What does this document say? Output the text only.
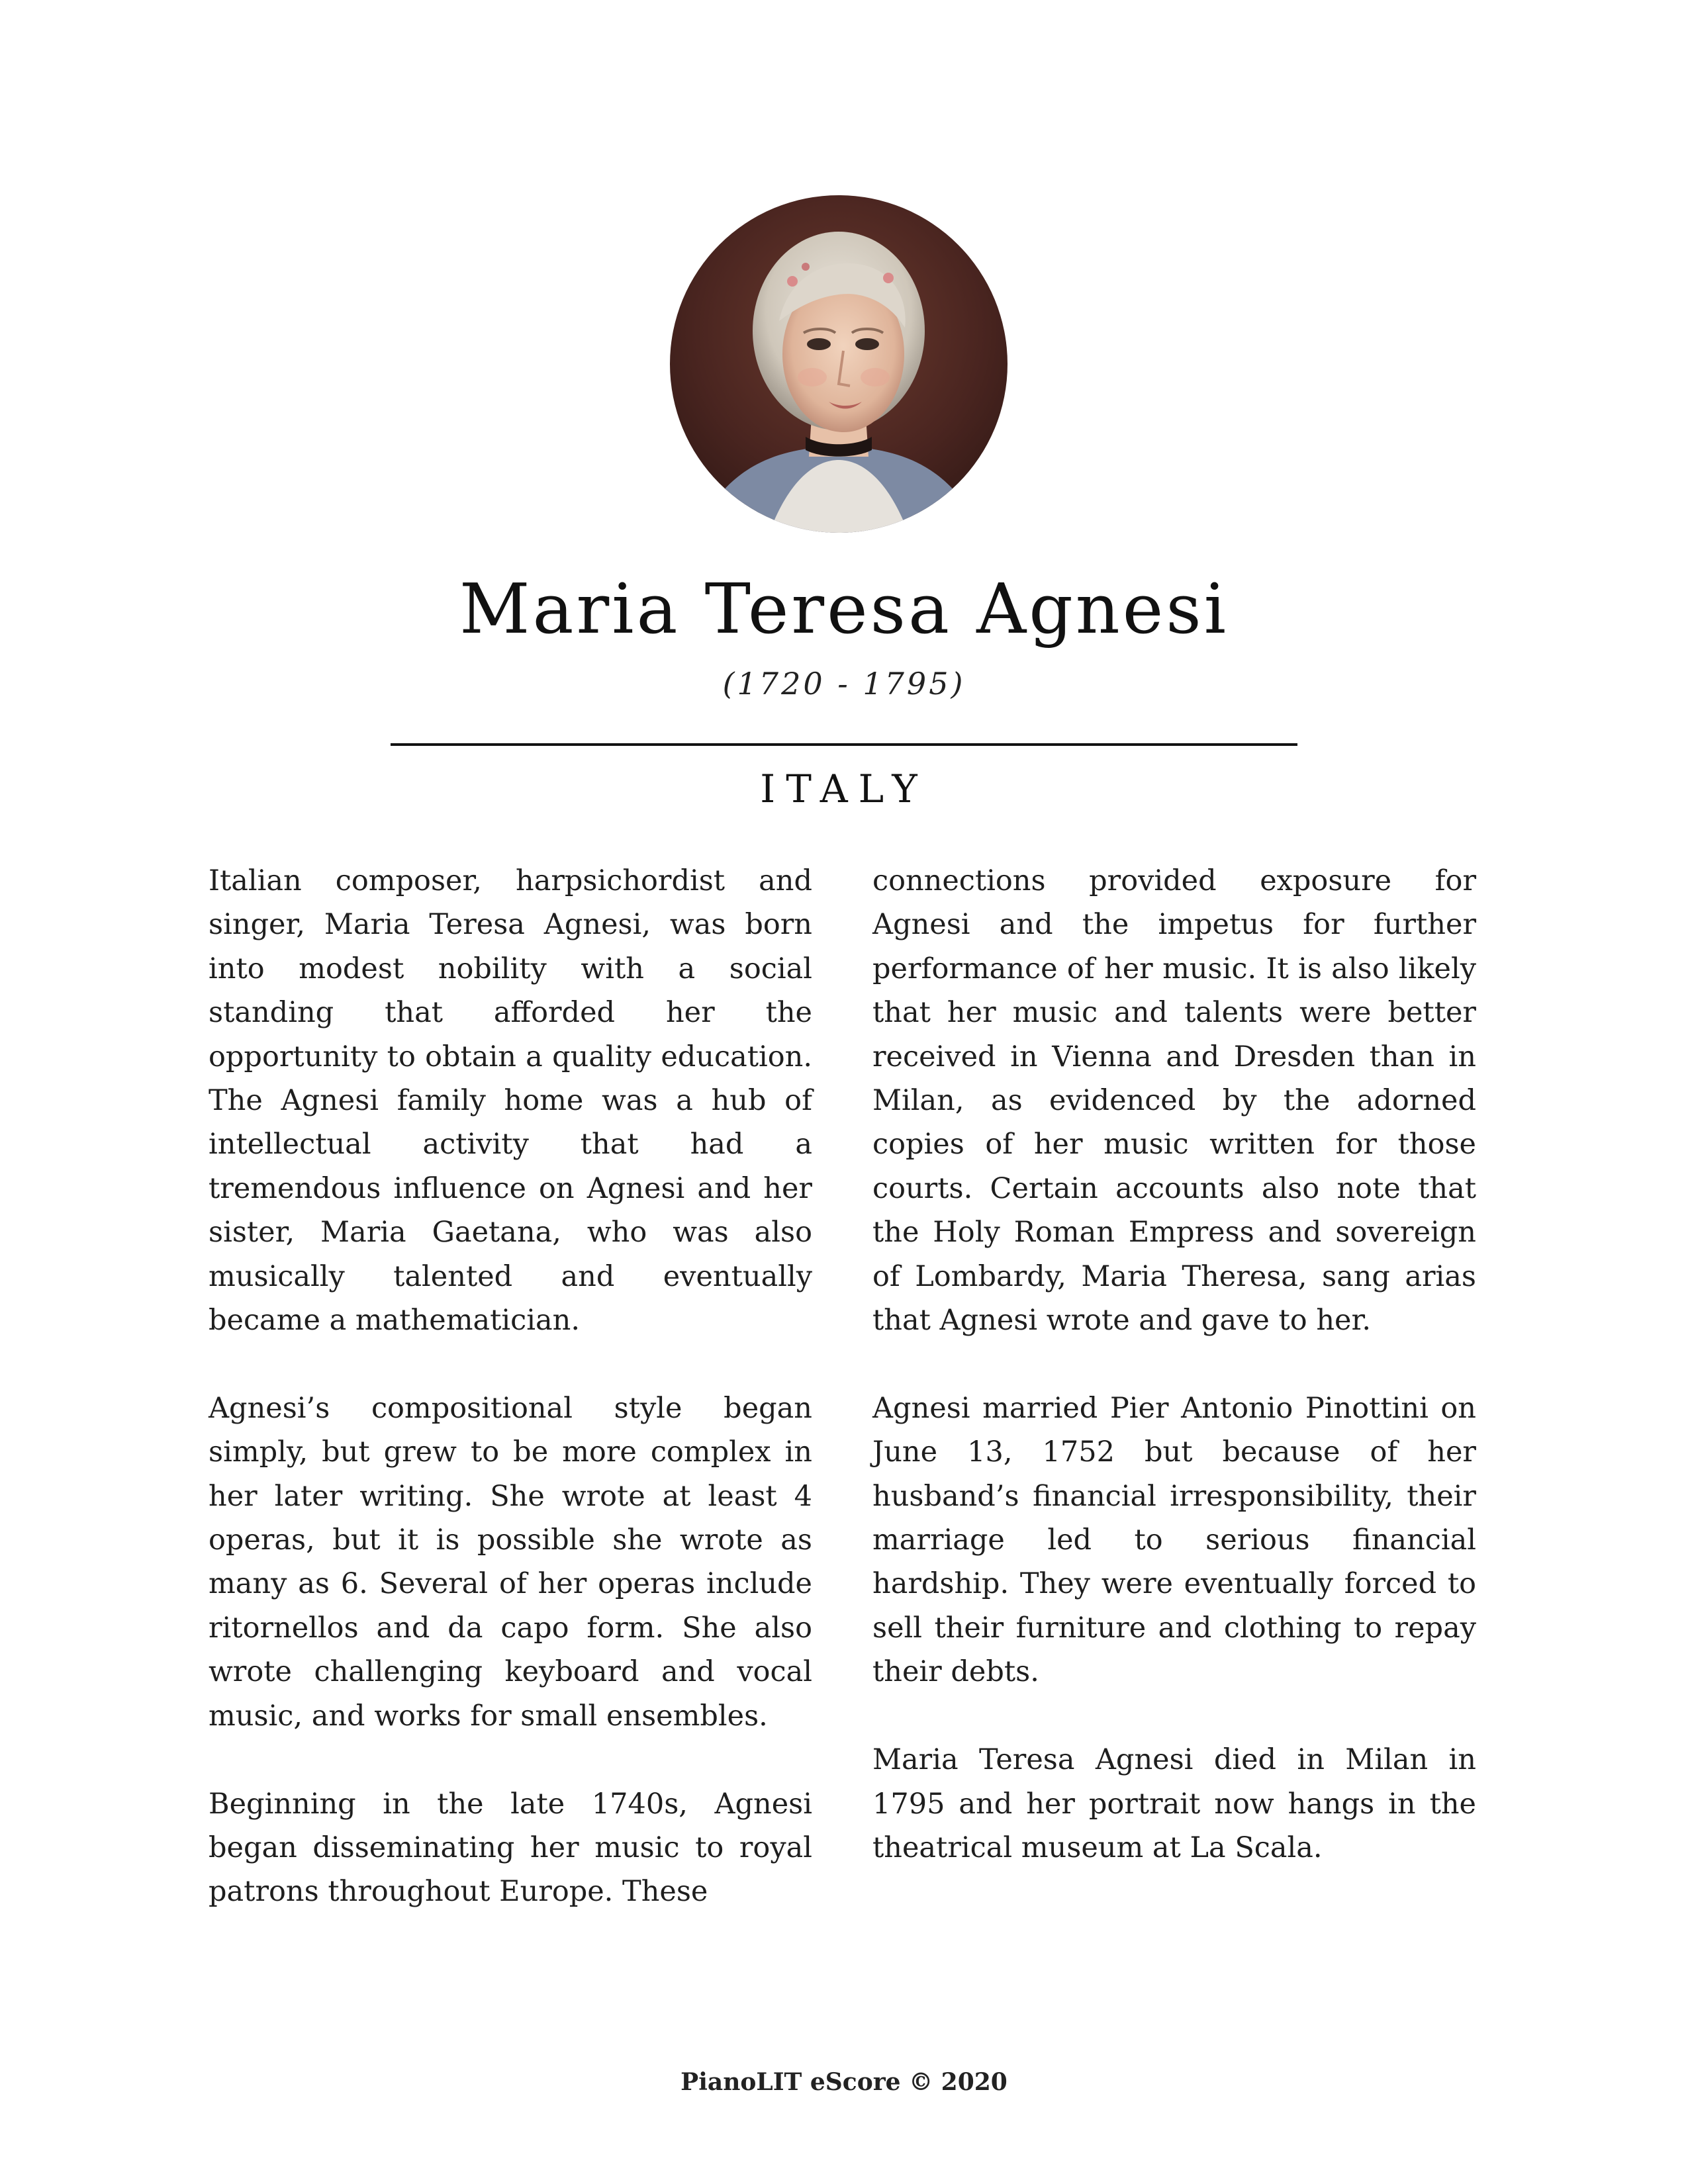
Maria Teresa Agnesi
(1720 - 1795)
ITALY

Italian composer, harpsichordist and singer, Maria Teresa Agnesi, was born into modest nobility with a social standing that afforded her the opportunity to obtain a quality education. The Agnesi family home was a hub of intellectual activity that had a tremendous influence on Agnesi and her sister, Maria Gaetana, who was also musically talented and eventually became a mathematician.

Agnesi’s compositional style began simply, but grew to be more complex in her later writing. She wrote at least 4 operas, but it is possible she wrote as many as 6. Several of her operas include ritornellos and da capo form. She also wrote challenging keyboard and vocal music, and works for small ensembles.

Beginning in the late 1740s, Agnesi began disseminating her music to royal patrons throughout Europe. These

connections provided exposure for Agnesi and the impetus for further performance of her music. It is also likely that her music and talents were better received in Vienna and Dresden than in Milan, as evidenced by the adorned copies of her music written for those courts. Certain accounts also note that the Holy Roman Empress and sovereign of Lombardy, Maria Theresa, sang arias that Agnesi wrote and gave to her.

Agnesi married Pier Antonio Pinottini on June 13, 1752 but because of her husband’s financial irresponsibility, their marriage led to serious financial hardship. They were eventually forced to sell their furniture and clothing to repay their debts.

Maria Teresa Agnesi died in Milan in 1795 and her portrait now hangs in the theatrical museum at La Scala.

PianoLIT eScore © 2020
